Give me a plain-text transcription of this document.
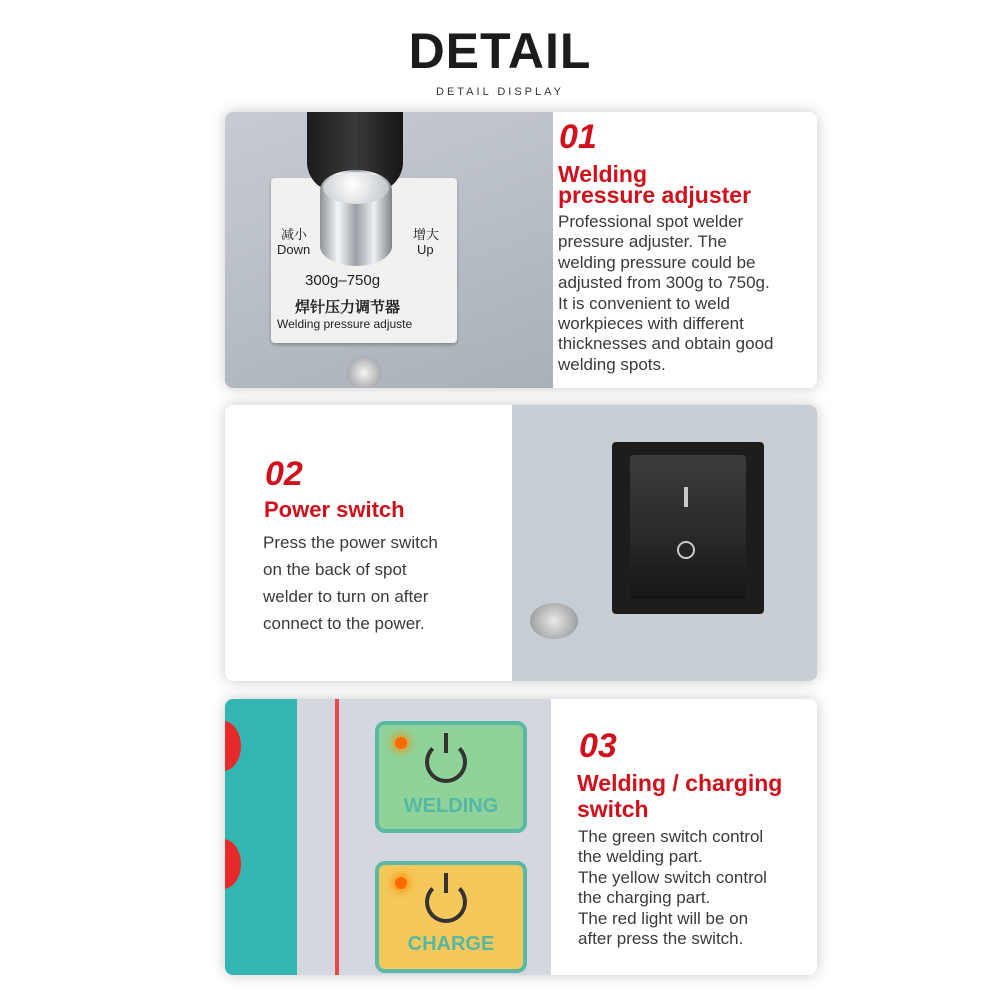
DETAIL
DETAIL DISPLAY
减小
Down
增大
Up
300g–750g
焊针压力调节器
Welding pressure adjuste
01
Welding
pressure adjuster
Professional spot welder
pressure adjuster. The
welding pressure could be
adjusted from 300g to 750g.
It is convenient to weld
workpieces with different
thicknesses and obtain good
welding spots.
02
Power switch
Press the power switch
on the back of spot
welder to turn on after
connect to the power.
WELDING
CHARGE
03
Welding / charging
switch
The green switch control
the welding part.
The yellow switch control
the charging part.
The red light will be on
after press the switch.
